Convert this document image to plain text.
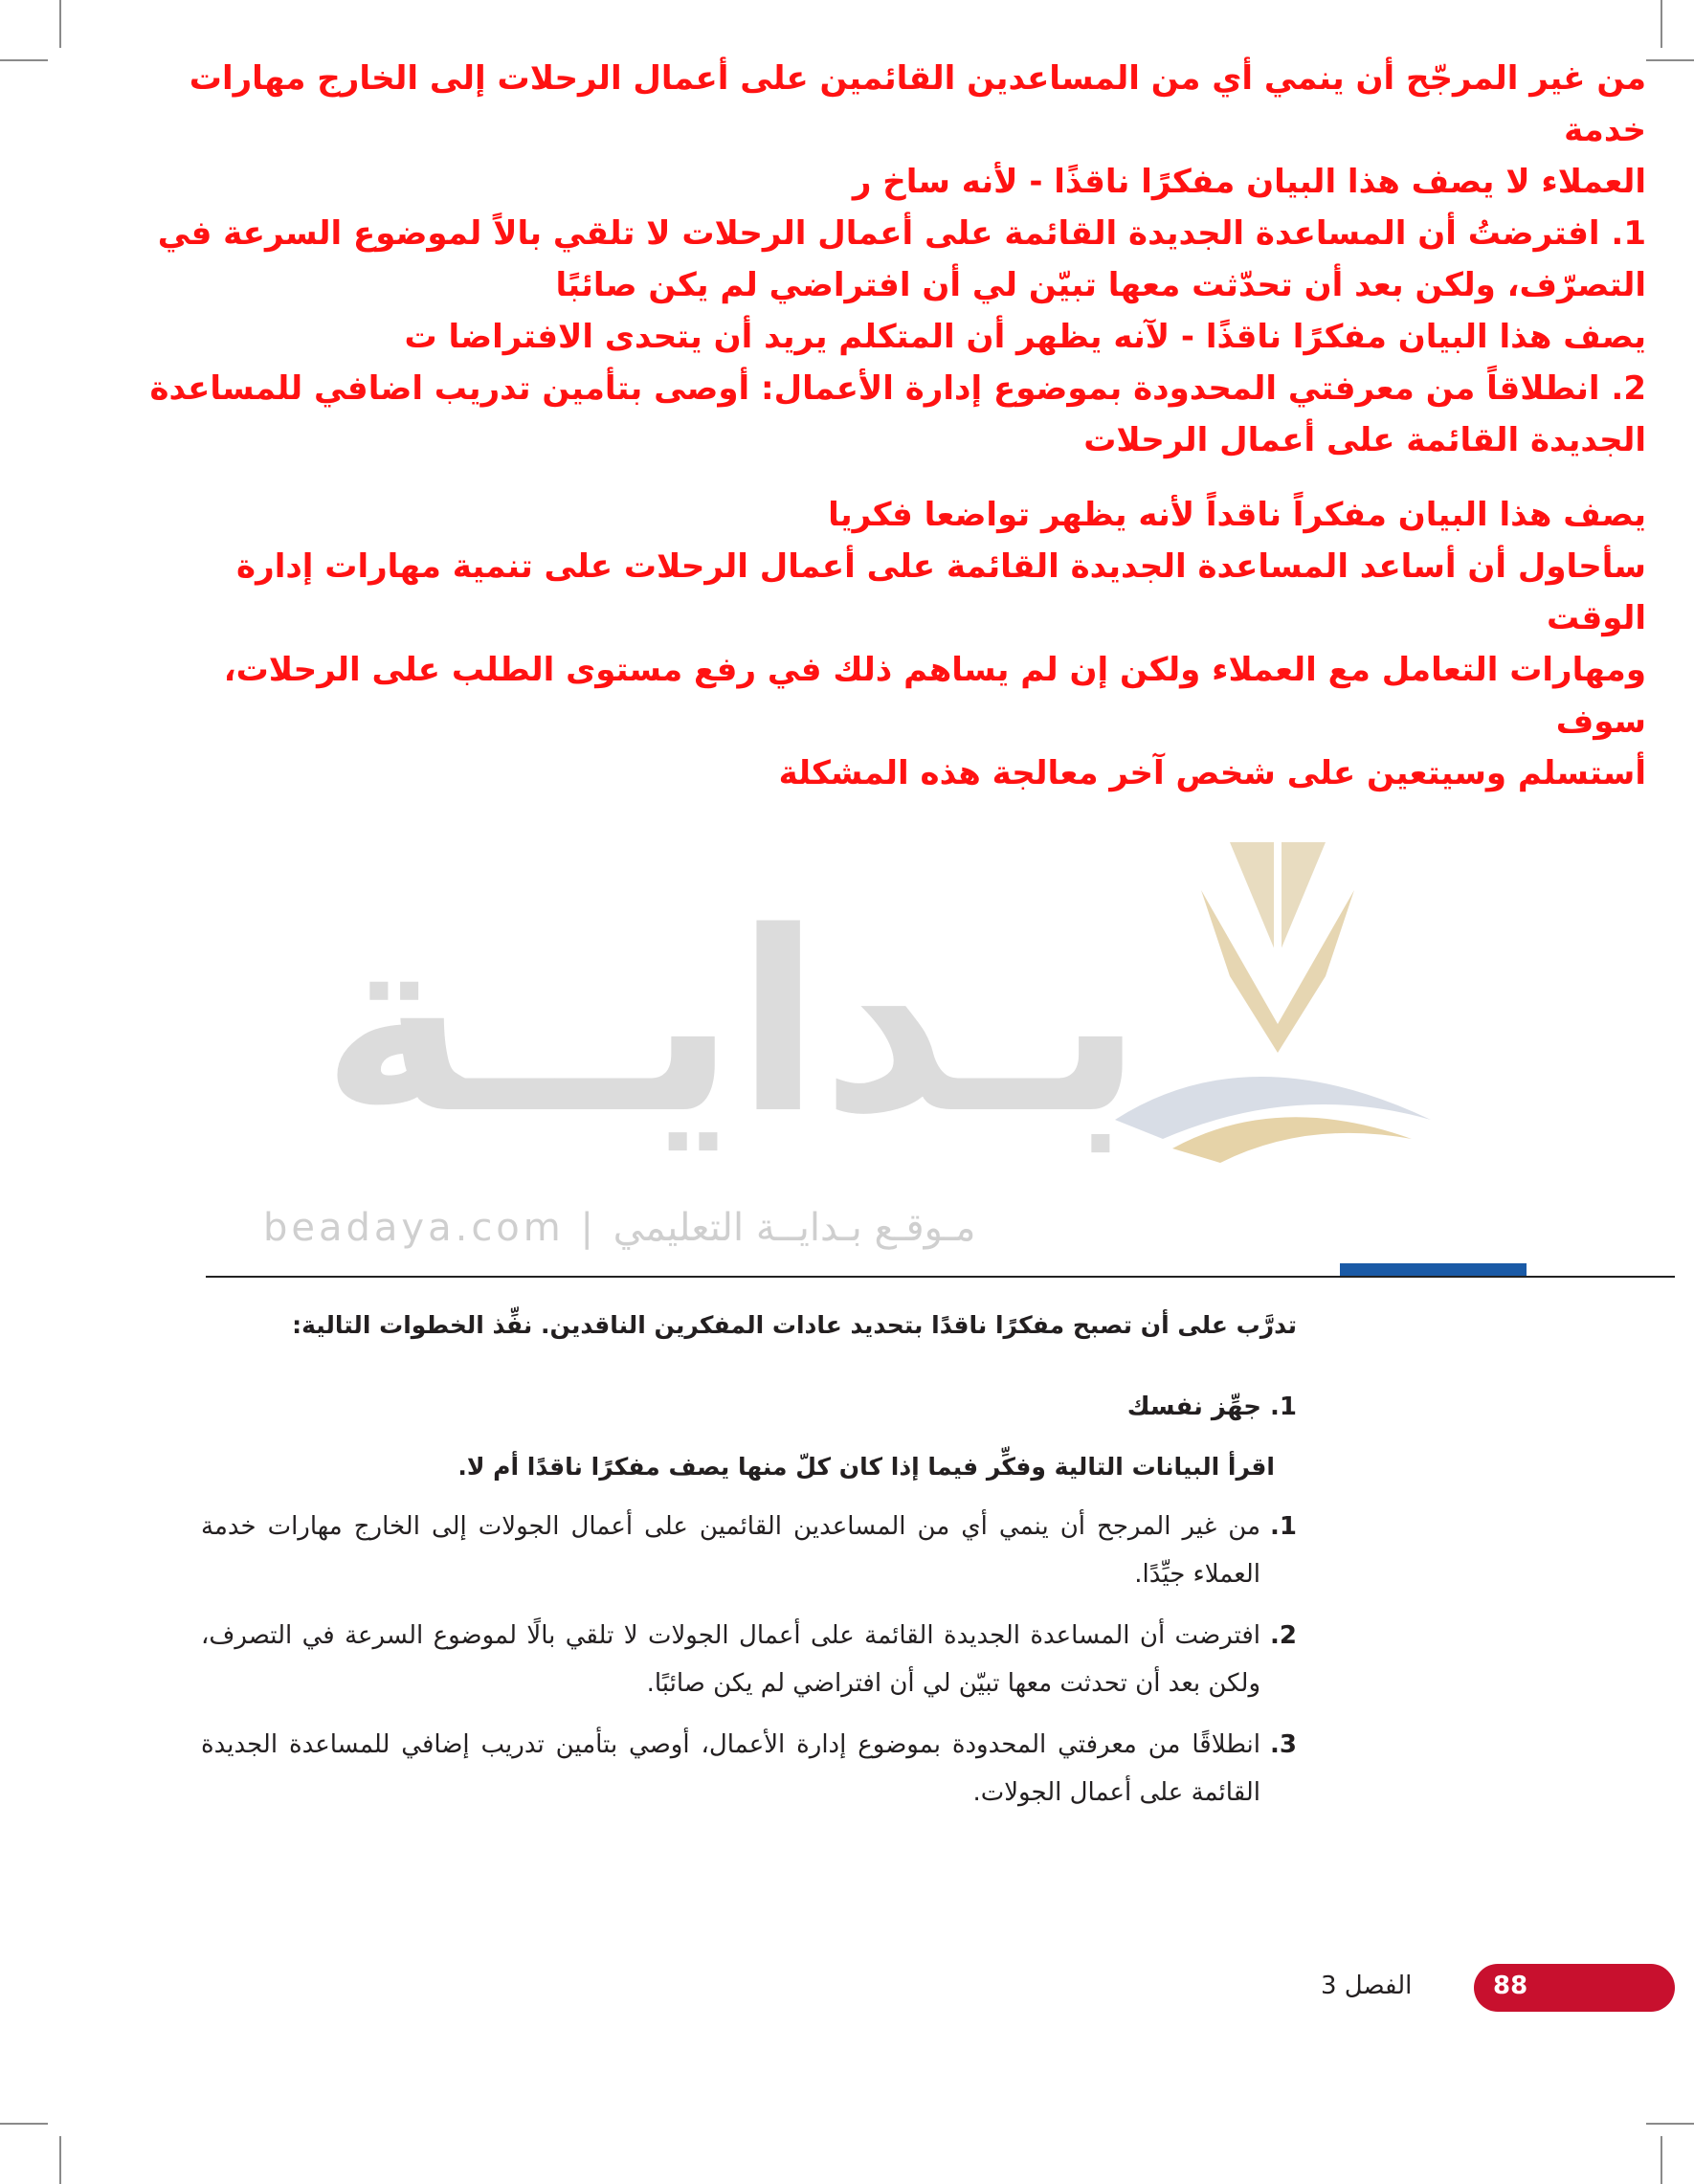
من غير المرجّح أن ينمي أي من المساعدين القائمين على أعمال الرحلات إلى الخارج مهارات خدمة

العملاء لا يصف هذا البيان مفكرًا ناقذًا - لأنه ساخ ر

1. افترضتُ أن المساعدة الجديدة القائمة على أعمال الرحلات لا تلقي بالاً لموضوع السرعة في

التصرّف، ولكن بعد أن تحدّثت معها تبيّن لي أن افتراضي لم يكن صائبًا

يصف هذا البيان مفكرًا ناقذًا - لآنه يظهر أن المتكلم يريد أن يتحدى الافتراضا ت

2. انطلاقاً من معرفتي المحدودة بموضوع إدارة الأعمال: أوصى بتأمين تدريب اضافي للمساعدة

الجديدة القائمة على أعمال الرحلات

يصف هذا البيان مفكراً ناقداً لأنه يظهر تواضعا فكريا

سأحاول أن أساعد المساعدة الجديدة القائمة على أعمال الرحلات على تنمية مهارات إدارة الوقت

ومهارات التعامل مع العملاء ولكن إن لم يساهم ذلك في رفع مستوى الطلب على الرحلات، سوف

أستسلم وسيتعين على شخص آخر معالجة هذه المشكلة

بـدايــة
beadaya.com | مـوقـع بـدايــة التعليمي
تدرَّب على أن تصبح مفكرًا ناقدًا بتحديد عادات المفكرين الناقدين. نفِّذ الخطوات التالية:
1. جهِّز نفسك
اقرأ البيانات التالية وفكِّر فيما إذا كان كلّ منها يصف مفكرًا ناقدًا أم لا.
1.
من غير المرجح أن ينمي أي من المساعدين القائمين على أعمال الجولات إلى الخارج مهارات خدمة العملاء جيِّدًا.
2.
افترضت أن المساعدة الجديدة القائمة على أعمال الجولات لا تلقي بالًا لموضوع السرعة في التصرف، ولكن بعد أن تحدثت معها تبيّن لي أن افتراضي لم يكن صائبًا.
3.
انطلاقًا من معرفتي المحدودة بموضوع إدارة الأعمال، أوصي بتأمين تدريب إضافي للمساعدة الجديدة القائمة على أعمال الجولات.
88
الفصل 3
